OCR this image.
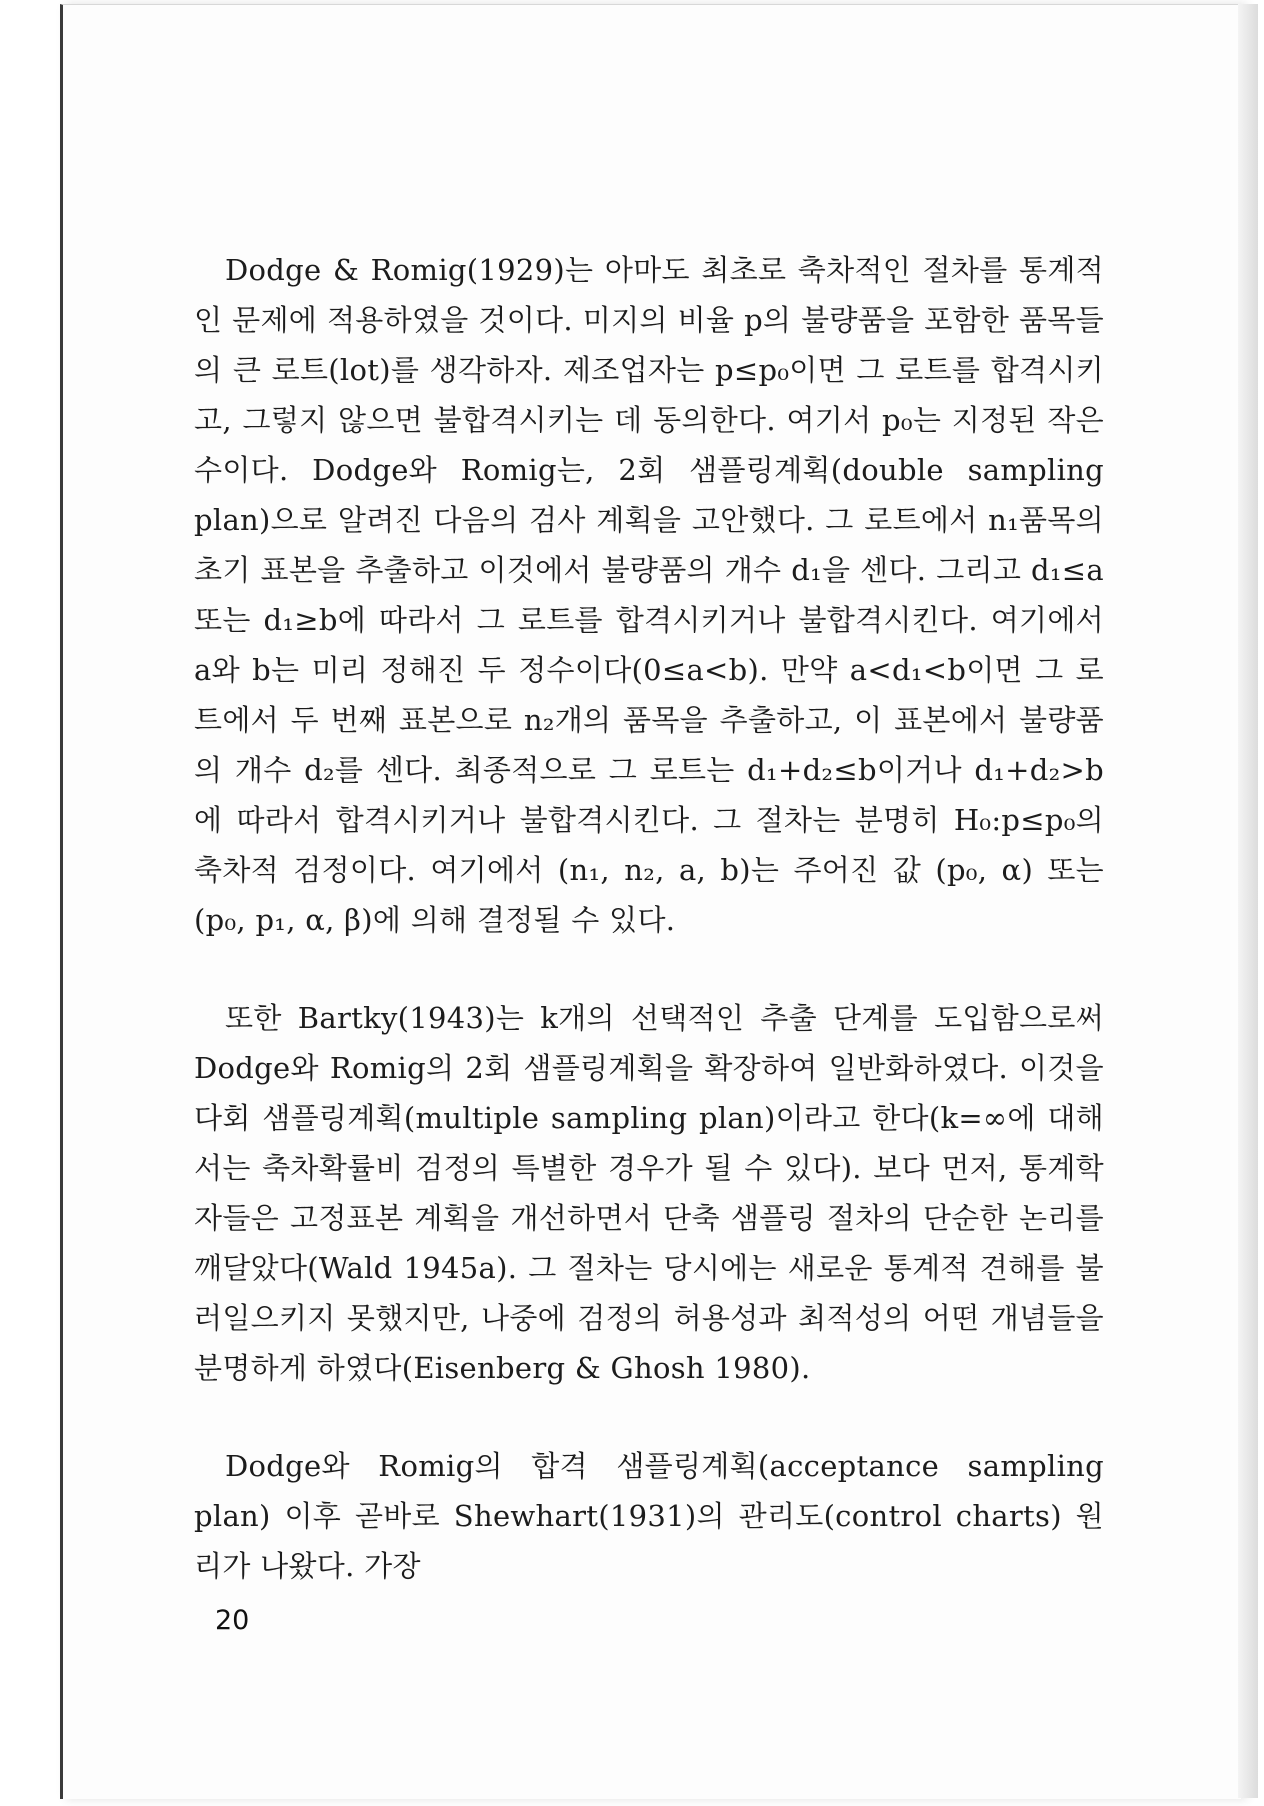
Dodge & Romig(1929)는 아마도 최초로 축차적인 절차를 통계적인 문제에 적용하였을 것이다. 미지의 비율 p의 불량품을 포함한 품목들의 큰 로트(lot)를 생각하자. 제조업자는 p≤p₀이면 그 로트를 합격시키고, 그렇지 않으면 불합격시키는 데 동의한다. 여기서 p₀는 지정된 작은 수이다. Dodge와 Romig는, 2회 샘플링계획(double sampling plan)으로 알려진 다음의 검사 계획을 고안했다. 그 로트에서 n₁품목의 초기 표본을 추출하고 이것에서 불량품의 개수 d₁을 센다. 그리고 d₁≤a 또는 d₁≥b에 따라서 그 로트를 합격시키거나 불합격시킨다. 여기에서 a와 b는 미리 정해진 두 정수이다(0≤a<b). 만약 a<d₁<b이면 그 로트에서 두 번째 표본으로 n₂개의 품목을 추출하고, 이 표본에서 불량품의 개수 d₂를 센다. 최종적으로 그 로트는 d₁+d₂≤b이거나 d₁+d₂>b에 따라서 합격시키거나 불합격시킨다. 그 절차는 분명히 H₀:p≤p₀의 축차적 검정이다. 여기에서 (n₁, n₂, a, b)는 주어진 값 (p₀, α) 또는 (p₀, p₁, α, β)에 의해 결정될 수 있다.

또한 Bartky(1943)는 k개의 선택적인 추출 단계를 도입함으로써 Dodge와 Romig의 2회 샘플링계획을 확장하여 일반화하였다. 이것을 다회 샘플링계획(multiple sampling plan)이라고 한다(k=∞에 대해서는 축차확률비 검정의 특별한 경우가 될 수 있다). 보다 먼저, 통계학자들은 고정표본 계획을 개선하면서 단축 샘플링 절차의 단순한 논리를 깨달았다(Wald 1945a). 그 절차는 당시에는 새로운 통계적 견해를 불러일으키지 못했지만, 나중에 검정의 허용성과 최적성의 어떤 개념들을 분명하게 하였다(Eisenberg & Ghosh 1980).

Dodge와 Romig의 합격 샘플링계획(acceptance sampling plan) 이후 곧바로 Shewhart(1931)의 관리도(control charts) 원리가 나왔다. 가장

20
